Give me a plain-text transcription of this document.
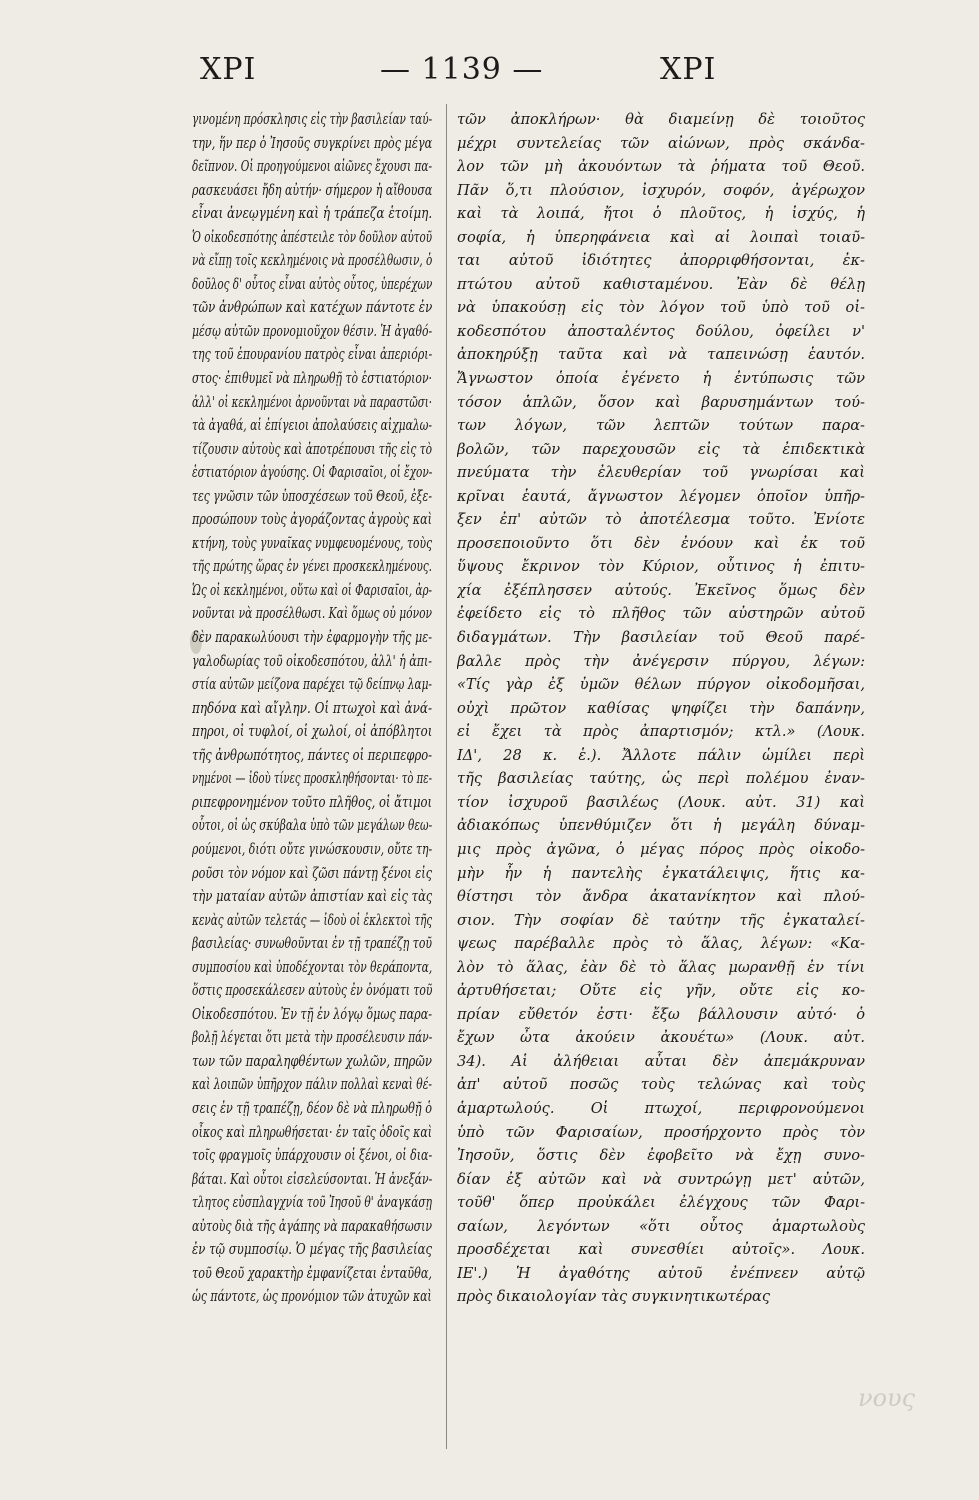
ΧΡΙ	— 1139 —	ΧΡΙ
γινομένη πρόσκλησις εἰς τὴν βασιλείαν ταύ-
την, ἥν περ ὁ Ἰησοῦς συγκρίνει πρὸς μέγα
δεῖπνον. Οἱ προηγούμενοι αἰῶνες ἔχουσι πα-
ρασκευάσει ἤδη αὐτήν· σήμερον ἡ αἴθουσα
εἶναι ἀνεῳγμένη καὶ ἡ τράπεζα ἑτοίμη.
Ὁ οἰκοδεσπότης ἀπέστειλε τὸν δοῦλον αὐτοῦ
νὰ εἴπῃ τοῖς κεκλημένοις νὰ προσέλθωσιν, ὁ
δοῦλος δ' οὗτος εἶναι αὐτὸς οὗτος, ὑπερέχων
τῶν ἀνθρώπων καὶ κατέχων πάντοτε ἐν
μέσῳ αὐτῶν προνομιοῦχον θέσιν. Ἡ ἀγαθό-
της τοῦ ἐπουρανίου πατρὸς εἶναι ἀπεριόρι-
στος· ἐπιθυμεῖ νὰ πληρωθῇ τὸ ἑστιατόριον·
ἀλλ' οἱ κεκλημένοι ἀρνοῦνται νὰ παραστῶσι·
τὰ ἀγαθά, αἱ ἐπίγειοι ἀπολαύσεις αἰχμαλω-
τίζουσιν αὐτοὺς καὶ ἀποτρέπουσι τῆς εἰς τὸ
ἑστιατόριον ἀγούσης. Οἱ Φαρισαῖοι, οἱ ἔχον-
τες γνῶσιν τῶν ὑποσχέσεων τοῦ Θεοῦ, ἐξε-
προσώπουν τοὺς ἀγοράζοντας ἀγροὺς καὶ
κτήνη, τοὺς γυναῖκας νυμφευομένους, τοὺς
τῆς πρώτης ὥρας ἐν γένει προσκεκλημένους.
Ὡς οἱ κεκλημένοι, οὕτω καὶ οἱ Φαρισαῖοι, ἀρ-
νοῦνται νὰ προσέλθωσι. Καὶ ὅμως οὐ μόνον
δὲν παρακωλύουσι τὴν ἐφαρμογὴν τῆς με-
γαλοδωρίας τοῦ οἰκοδεσπότου, ἀλλ' ἡ ἀπι-
στία αὐτῶν μείζονα παρέχει τῷ δείπνῳ λαμ-
πηδόνα καὶ αἴγλην. Οἱ πτωχοὶ καὶ ἀνά-
πηροι, οἱ τυφλοί, οἱ χωλοί, οἱ ἀπόβλητοι
τῆς ἀνθρωπότητος, πάντες οἱ περιπεφρο-
νημένοι — ἰδοὺ τίνες προσκληθήσονται· τὸ πε-
ριπεφρονημένον τοῦτο πλῆθος, οἱ ἄτιμοι
οὗτοι, οἱ ὡς σκύβαλα ὑπὸ τῶν μεγάλων θεω-
ρούμενοι, διότι οὔτε γινώσκουσιν, οὔτε τη-
ροῦσι τὸν νόμον καὶ ζῶσι πάντῃ ξένοι εἰς
τὴν ματαίαν αὐτῶν ἀπιστίαν καὶ εἰς τὰς
κενὰς αὐτῶν τελετάς — ἰδοὺ οἱ ἐκλεκτοὶ τῆς
βασιλείας· συνωθοῦνται ἐν τῇ τραπέζῃ τοῦ
συμποσίου καὶ ὑποδέχονται τὸν θεράποντα,
ὅστις προσεκάλεσεν αὐτοὺς ἐν ὀνόματι τοῦ
Οἰκοδεσπότου. Ἐν τῇ ἐν λόγῳ ὅμως παρα-
βολῇ λέγεται ὅτι μετὰ τὴν προσέλευσιν πάν-
των τῶν παραληφθέντων χωλῶν, πηρῶν
καὶ λοιπῶν ὑπῆρχον πάλιν πολλαὶ κεναὶ θέ-
σεις ἐν τῇ τραπέζῃ, δέον δὲ νὰ πληρωθῇ ὁ
οἶκος καὶ πληρωθήσεται· ἐν ταῖς ὁδοῖς καὶ
τοῖς φραγμοῖς ὑπάρχουσιν οἱ ξένοι, οἱ δια-
βάται. Καὶ οὗτοι εἰσελεύσονται. Ἡ ἀνεξάν-
τλητος εὐσπλαγχνία τοῦ Ἰησοῦ θ' ἀναγκάσῃ
αὐτοὺς διὰ τῆς ἀγάπης νὰ παρακαθήσωσιν
ἐν τῷ συμποσίῳ. Ὁ μέγας τῆς βασιλείας
τοῦ Θεοῦ χαρακτὴρ ἐμφανίζεται ἐνταῦθα,
ὡς πάντοτε, ὡς προνόμιον τῶν ἀτυχῶν καὶ
τῶν ἀποκλήρων· θὰ διαμείνῃ δὲ τοιοῦτος
μέχρι συντελείας τῶν αἰώνων, πρὸς σκάνδα-
λον τῶν μὴ ἀκουόντων τὰ ῥήματα τοῦ Θεοῦ.
Πᾶν ὅ,τι πλούσιον, ἰσχυρόν, σοφόν, ἀγέρωχον
καὶ τὰ λοιπά, ἤτοι ὁ πλοῦτος, ἡ ἰσχύς, ἡ
σοφία, ἡ ὑπερηφάνεια καὶ αἱ λοιπαὶ τοιαῦ-
ται αὐτοῦ ἰδιότητες ἀπορριφθήσονται, ἐκ-
πτώτου αὐτοῦ καθισταμένου. Ἐὰν δὲ θέλῃ
νὰ ὑπακούσῃ εἰς τὸν λόγον τοῦ ὑπὸ τοῦ οἰ-
κοδεσπότου ἀποσταλέντος δούλου, ὀφείλει ν'
ἀποκηρύξῃ ταῦτα καὶ νὰ ταπεινώσῃ ἑαυτόν.
Ἄγνωστον ὁποία ἐγένετο ἡ ἐντύπωσις τῶν
τόσον ἁπλῶν, ὅσον καὶ βαρυσημάντων τού-
των λόγων, τῶν λεπτῶν τούτων παρα-
βολῶν, τῶν παρεχουσῶν εἰς τὰ ἐπιδεκτικὰ
πνεύματα τὴν ἐλευθερίαν τοῦ γνωρίσαι καὶ
κρῖναι ἑαυτά, ἄγνωστον λέγομεν ὁποῖον ὑπῆρ-
ξεν ἐπ' αὐτῶν τὸ ἀποτέλεσμα τοῦτο. Ἐνίοτε
προσεποιοῦντο ὅτι δὲν ἐνόουν καὶ ἐκ τοῦ
ὕψους ἔκρινον τὸν Κύριον, οὗτινος ἡ ἐπιτυ-
χία ἐξέπλησσεν αὐτούς. Ἐκεῖνος ὅμως δὲν
ἐφείδετο εἰς τὸ πλῆθος τῶν αὐστηρῶν αὐτοῦ
διδαγμάτων. Τὴν βασιλείαν τοῦ Θεοῦ παρέ-
βαλλε πρὸς τὴν ἀνέγερσιν πύργου, λέγων:
«Τίς γὰρ ἐξ ὑμῶν θέλων πύργον οἰκοδομῆσαι,
οὐχὶ πρῶτον καθίσας ψηφίζει τὴν δαπάνην,
εἰ ἔχει τὰ πρὸς ἀπαρτισμόν; κτλ.» (Λουκ.
ΙΔ', 28 κ. ἑ.). Ἄλλοτε πάλιν ὡμίλει περὶ
τῆς βασιλείας ταύτης, ὡς περὶ πολέμου ἐναν-
τίον ἰσχυροῦ βασιλέως (Λουκ. αὐτ. 31) καὶ
ἀδιακόπως ὑπενθύμιζεν ὅτι ἡ μεγάλη δύναμ-
μις πρὸς ἀγῶνα, ὁ μέγας πόρος πρὸς οἰκοδο-
μὴν ἦν ἡ παντελὴς ἐγκατάλειψις, ἥτις κα-
θίστησι τὸν ἄνδρα ἀκατανίκητον καὶ πλού-
σιον. Τὴν σοφίαν δὲ ταύτην τῆς ἐγκαταλεί-
ψεως παρέβαλλε πρὸς τὸ ἅλας, λέγων: «Κα-
λὸν τὸ ἅλας, ἐὰν δὲ τὸ ἅλας μωρανθῇ ἐν τίνι
ἀρτυθήσεται; Οὔτε εἰς γῆν, οὔτε εἰς κο-
πρίαν εὔθετόν ἐστι· ἔξω βάλλουσιν αὐτό· ὁ
ἔχων ὦτα ἀκούειν ἀκουέτω» (Λουκ. αὐτ.
34). Αἱ ἀλήθειαι αὗται δὲν ἀπεμάκρυναν
ἀπ' αὐτοῦ ποσῶς τοὺς τελώνας καὶ τοὺς
ἁμαρτωλούς. Οἱ πτωχοί, περιφρονούμενοι
ὑπὸ τῶν Φαρισαίων, προσήρχοντο πρὸς τὸν
Ἰησοῦν, ὅστις δὲν ἐφοβεῖτο νὰ ἔχῃ συνο-
δίαν ἐξ αὐτῶν καὶ νὰ συντρώγῃ μετ' αὐτῶν,
τοῦθ' ὅπερ προὐκάλει ἐλέγχους τῶν Φαρι-
σαίων, λεγόντων «ὅτι οὗτος ἁμαρτωλοὺς
προσδέχεται καὶ συνεσθίει αὐτοῖς». Λουκ.
ΙΕ'.) Ἡ ἀγαθότης αὐτοῦ ἐνέπνεεν αὐτῷ
πρὸς δικαιολογίαν τὰς συγκινητικωτέρας
νους
